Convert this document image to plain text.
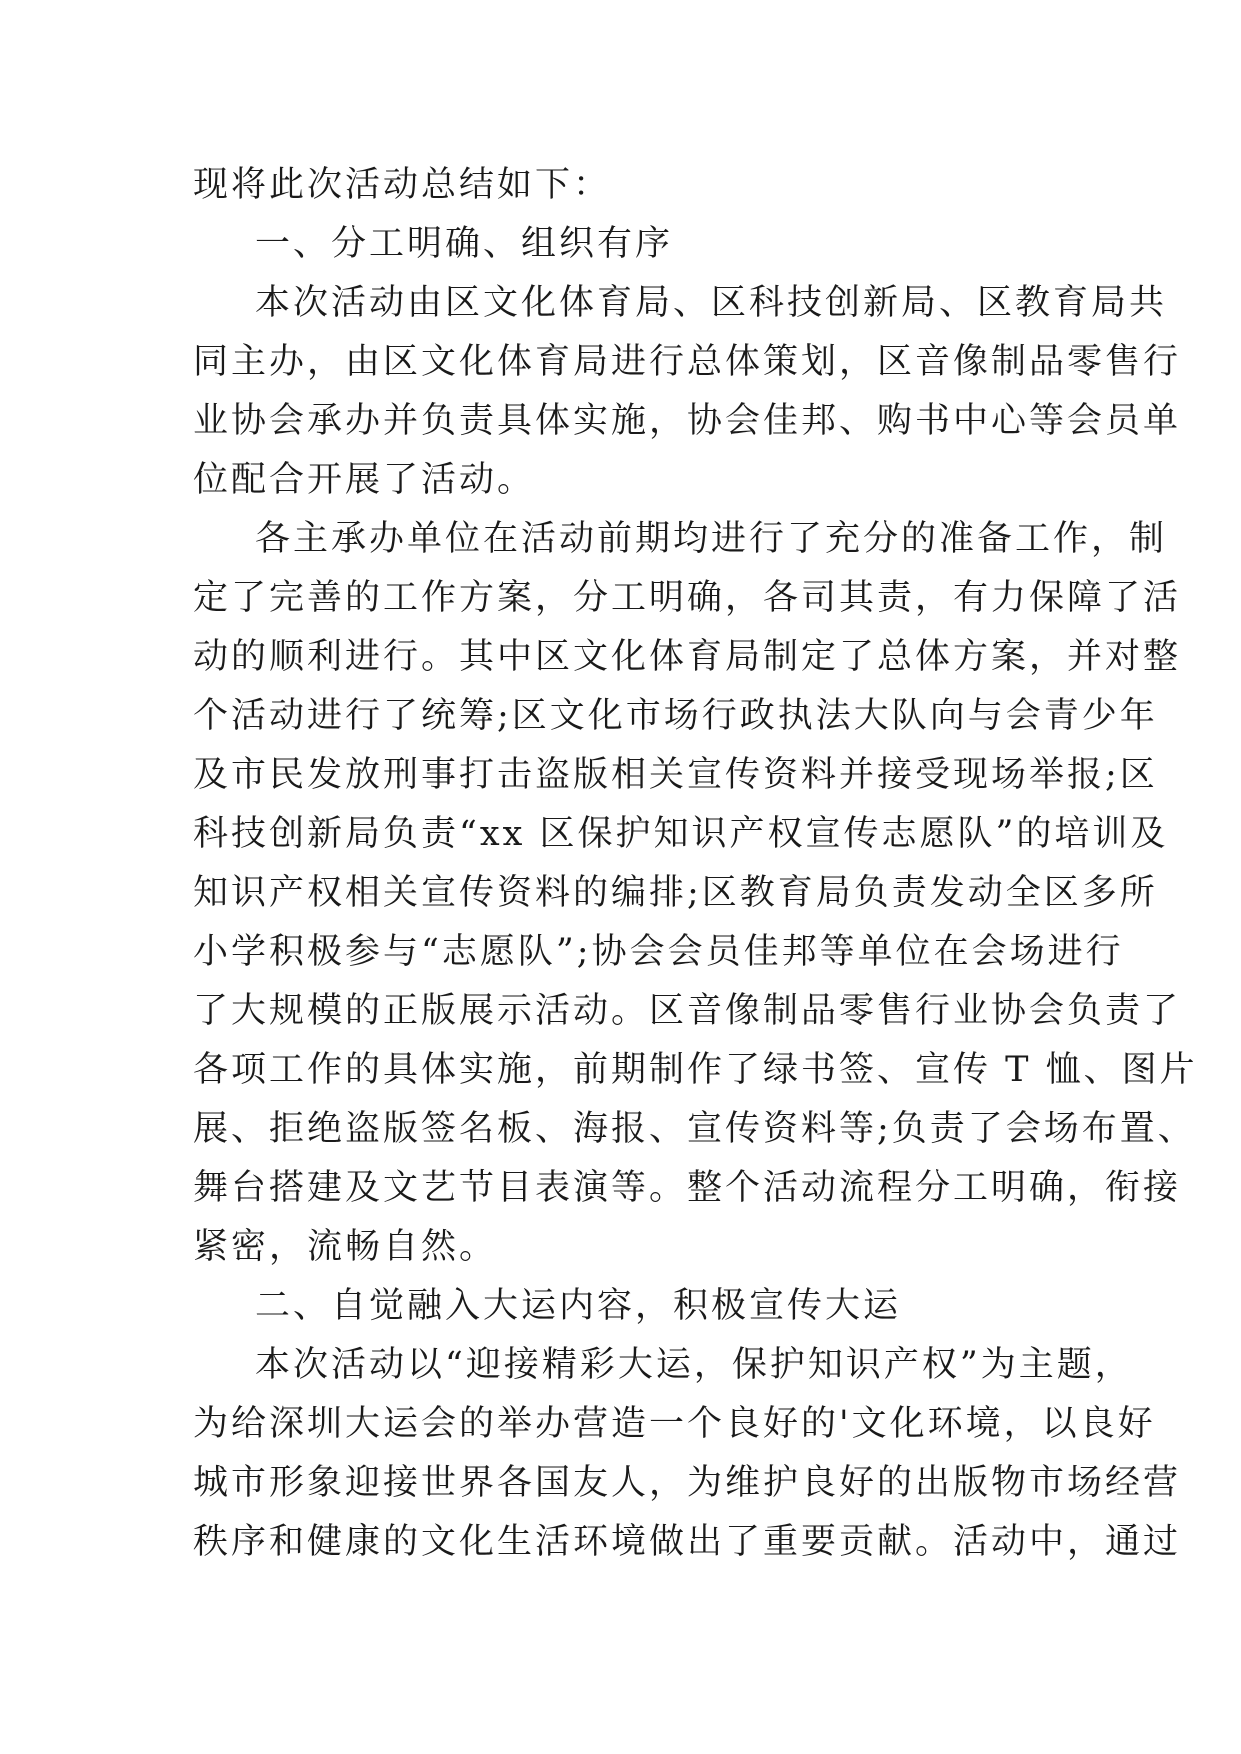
现将此次活动总结如下：
一、分工明确、组织有序
本次活动由区文化体育局、区科技创新局、区教育局共
同主办，由区文化体育局进行总体策划，区音像制品零售行
业协会承办并负责具体实施，协会佳邦、购书中心等会员单
位配合开展了活动。
各主承办单位在活动前期均进行了充分的准备工作，制
定了完善的工作方案，分工明确，各司其责，有力保障了活
动的顺利进行。其中区文化体育局制定了总体方案，并对整
个活动进行了统筹;区文化市场行政执法大队向与会青少年
及市民发放刑事打击盗版相关宣传资料并接受现场举报;区
科技创新局负责“xx 区保护知识产权宣传志愿队”的培训及
知识产权相关宣传资料的编排;区教育局负责发动全区多所
小学积极参与“志愿队”;协会会员佳邦等单位在会场进行
了大规模的正版展示活动。区音像制品零售行业协会负责了
各项工作的具体实施，前期制作了绿书签、宣传 T 恤、图片
展、拒绝盗版签名板、海报、宣传资料等;负责了会场布置、
舞台搭建及文艺节目表演等。整个活动流程分工明确，衔接
紧密，流畅自然。
二、自觉融入大运内容，积极宣传大运
本次活动以“迎接精彩大运，保护知识产权”为主题，
为给深圳大运会的举办营造一个良好的'文化环境，以良好
城市形象迎接世界各国友人，为维护良好的出版物市场经营
秩序和健康的文化生活环境做出了重要贡献。活动中，通过
